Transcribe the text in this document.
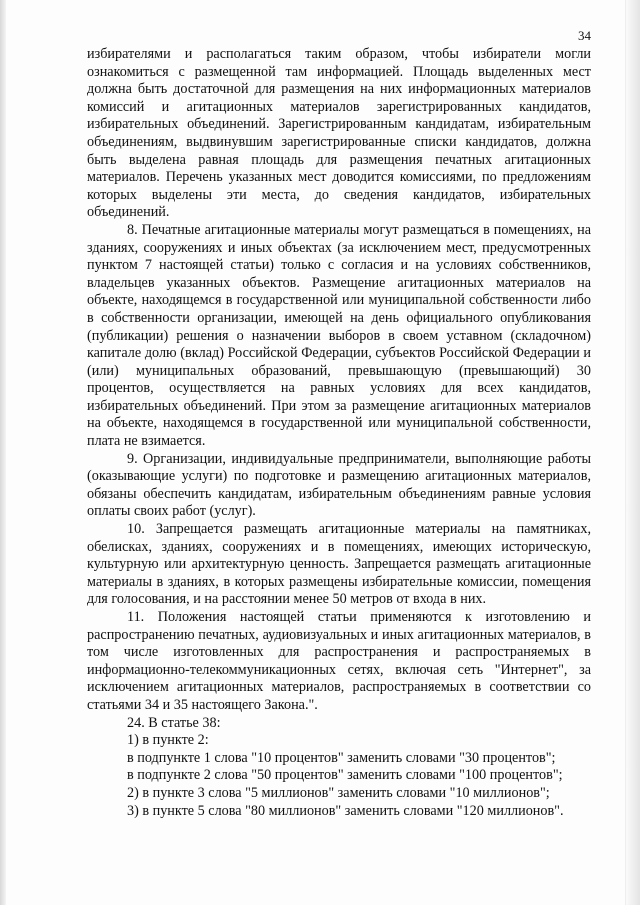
34

избирателями и располагаться таким образом, чтобы избиратели могли ознакомиться с размещенной там информацией. Площадь выделенных мест должна быть достаточной для размещения на них информационных материалов комиссий и агитационных материалов зарегистрированных кандидатов, избирательных объединений. Зарегистрированным кандидатам, избирательным объединениям, выдвинувшим зарегистрированные списки кандидатов, должна быть выделена равная площадь для размещения печатных агитационных материалов. Перечень указанных мест доводится комиссиями, по предложениям которых выделены эти места, до сведения кандидатов, избирательных объединений.

8. Печатные агитационные материалы могут размещаться в помещениях, на зданиях, сооружениях и иных объектах (за исключением мест, предусмотренных пунктом 7 настоящей статьи) только с согласия и на условиях собственников, владельцев указанных объектов. Размещение агитационных материалов на объекте, находящемся в государственной или муниципальной собственности либо в собственности организации, имеющей на день официального опубликования (публикации) решения о назначении выборов в своем уставном (складочном) капитале долю (вклад) Российской Федерации, субъектов Российской Федерации и (или) муниципальных образований, превышающую (превышающий) 30 процентов, осуществляется на равных условиях для всех кандидатов, избирательных объединений. При этом за размещение агитационных материалов на объекте, находящемся в государственной или муниципальной собственности, плата не взимается.

9. Организации, индивидуальные предприниматели, выполняющие работы (оказывающие услуги) по подготовке и размещению агитационных материалов, обязаны обеспечить кандидатам, избирательным объединениям равные условия оплаты своих работ (услуг).

10. Запрещается размещать агитационные материалы на памятниках, обелисках, зданиях, сооружениях и в помещениях, имеющих историческую, культурную или архитектурную ценность. Запрещается размещать агитационные материалы в зданиях, в которых размещены избирательные комиссии, помещения для голосования, и на расстоянии менее 50 метров от входа в них.

11. Положения настоящей статьи применяются к изготовлению и распространению печатных, аудиовизуальных и иных агитационных материалов, в том числе изготовленных для распространения и распространяемых в информационно-телекоммуникационных сетях, включая сеть "Интернет", за исключением агитационных материалов, распространяемых в соответствии со статьями 34 и 35 настоящего Закона.".

24. В статье 38:

1) в пункте 2:

в подпункте 1 слова "10 процентов" заменить словами "30 процентов";

в подпункте 2 слова "50 процентов" заменить словами "100 процентов";

2) в пункте 3 слова "5 миллионов" заменить словами "10 миллионов";

3) в пункте 5 слова "80 миллионов" заменить словами "120 миллионов".
